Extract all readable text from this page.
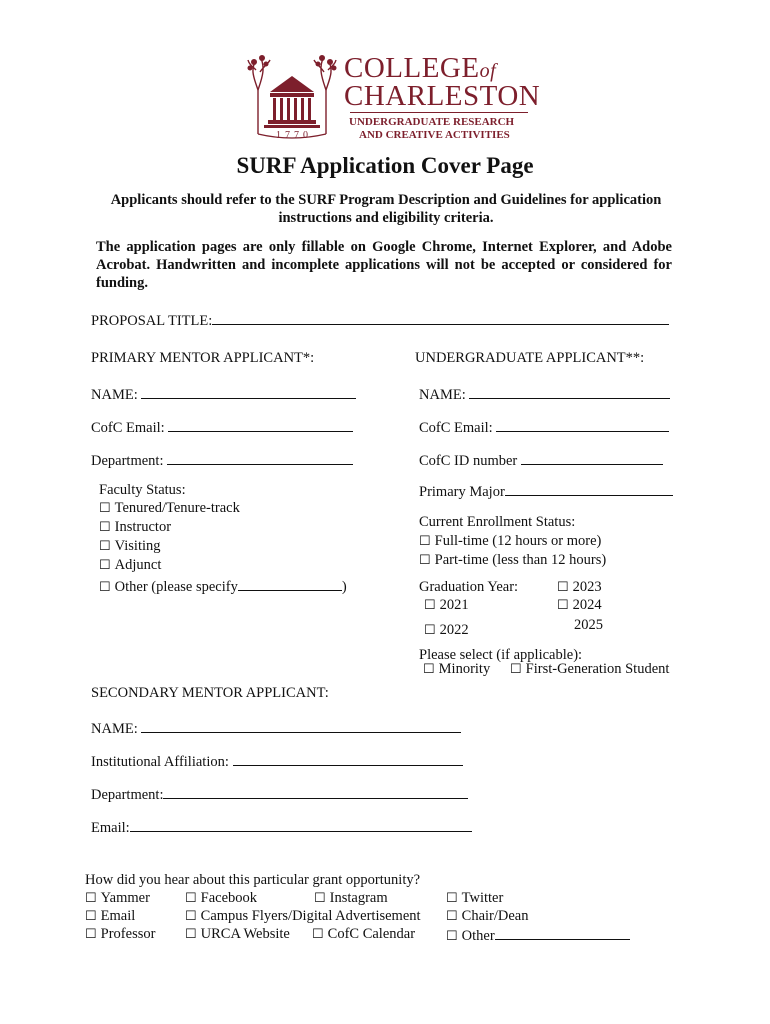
1770
COLLEGEof
CHARLESTON
UNDERGRADUATE RESEARCH
AND CREATIVE ACTIVITIES
SURF Application Cover Page
Applicants should refer to the SURF Program Description and Guidelines for application instructions and eligibility criteria.
The application pages are only fillable on Google Chrome, Internet Explorer, and Adobe Acrobat. Handwritten and incomplete applications will not be accepted or considered for funding.
PROPOSAL TITLE:
PRIMARY MENTOR APPLICANT*:
NAME:
CofC Email:
Department:
Faculty Status:
☐ Tenured/Tenure-track
☐ Instructor
☐ Visiting
☐ Adjunct
☐ Other (please specify	)
UNDERGRADUATE APPLICANT**:
NAME:
CofC Email:
CofC ID number
Primary Major
Current Enrollment Status:
☐ Full-time (12 hours or more)
☐ Part-time (less than 12 hours)
Graduation Year:
☐ 2021
☐ 2022
☐ 2023
☐ 2024
2025
Please select (if applicable):
☐ Minority ☐ First-Generation Student
SECONDARY MENTOR APPLICANT:
NAME:
Institutional Affiliation:
Department:
Email:
How did you hear about this particular grant opportunity?
☐ Yammer	☐ Facebook	☐ Instagram	☐ Twitter
☐ Email	☐ Campus Flyers/Digital Advertisement ☐ Chair/Dean
☐ Professor ☐ URCA Website ☐ CofC Calendar ☐ Other
